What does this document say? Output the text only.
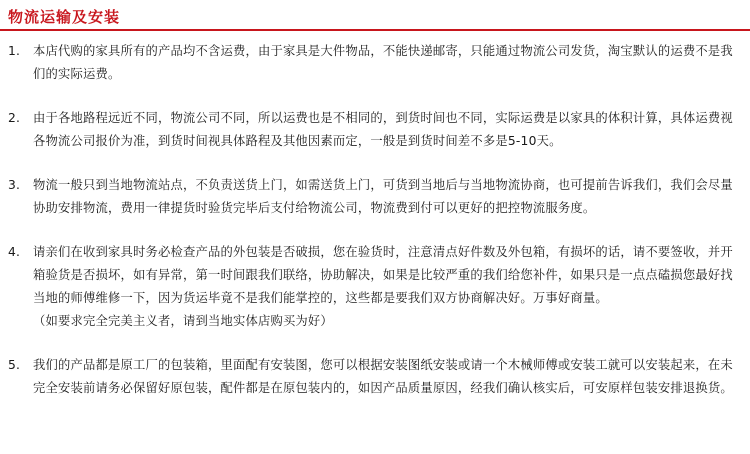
物流运输及安装
1. 本店代购的家具所有的产品均不含运费，由于家具是大件物品，不能快递邮寄，只能通过物流公司发货，淘宝默认的运费不是我们的实际运费。
2. 由于各地路程远近不同，物流公司不同，所以运费也是不相同的，到货时间也不同，实际运费是以家具的体积计算，具体运费视各物流公司报价为准，到货时间视具体路程及其他因素而定，一般是到货时间差不多是5-10天。
3. 物流一般只到当地物流站点，不负责送货上门，如需送货上门，可货到当地后与当地物流协商，也可提前告诉我们，我们会尽量协助安排物流，费用一律提货时验货完毕后支付给物流公司，物流费到付可以更好的把控物流服务度。
4. 请亲们在收到家具时务必检查产品的外包装是否破损，您在验货时，注意清点好件数及外包箱，有损坏的话，请不要签收，并开箱验货是否损坏，如有异常，第一时间跟我们联络，协助解决，如果是比较严重的我们给您补件，如果只是一点点磕损您最好找当地的师傅维修一下，因为货运毕竟不是我们能掌控的，这些都是要我们双方协商解决好。万事好商量。
（如要求完全完美主义者，请到当地实体店购买为好）
5. 我们的产品都是原工厂的包装箱，里面配有安装图，您可以根据安装图纸安装或请一个木械师傅或安装工就可以安装起来，在未完全安装前请务必保留好原包装，配件都是在原包装内的，如因产品质量原因，经我们确认核实后，可安原样包装安排退换货。
